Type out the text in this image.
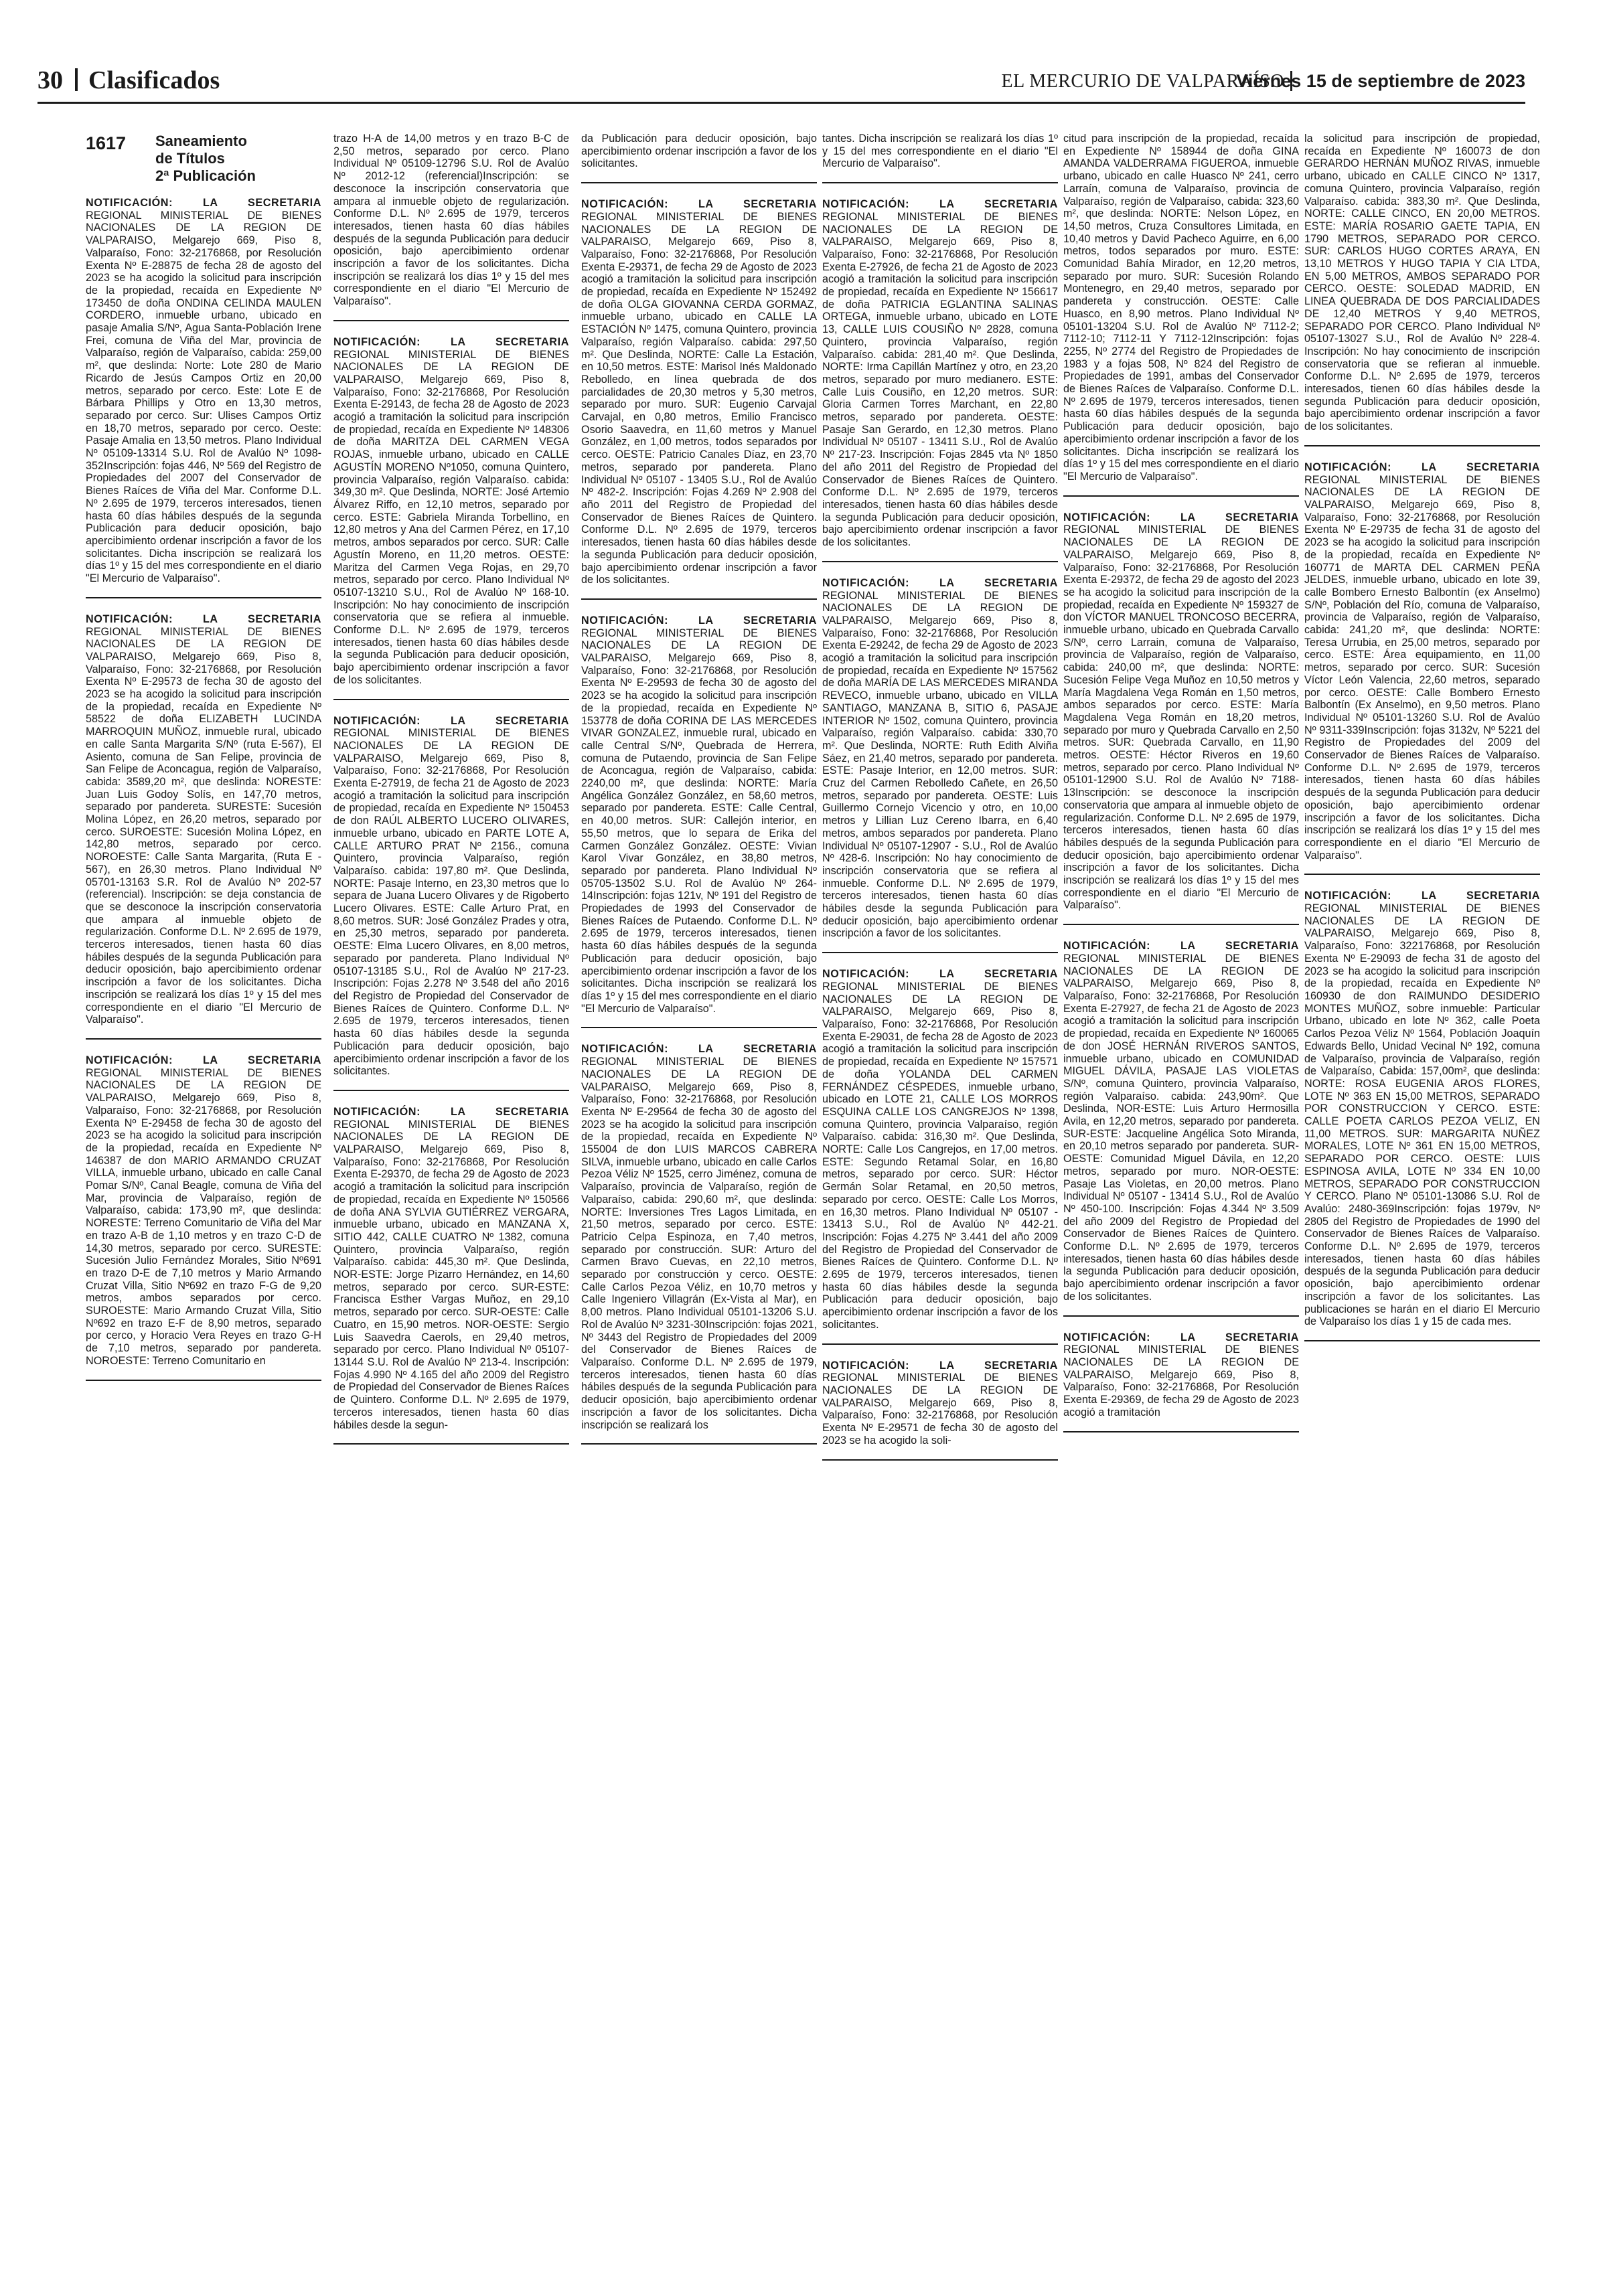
30 Clasificados	EL MERCURIO DE VALPARAÍSO
Viernes 15 de septiembre de 2023
1617	Saneamiento
de Títulos
2ª Publicación
NOTIFICACIÓN: LA SECRETARIA REGIONAL MINISTERIAL DE BIENES NACIONALES DE LA REGION DE VALPARAISO, Melgarejo 669, Piso 8, Valparaíso, Fono: 32-2176868, por Resolución Exenta Nº E-28875 de fecha 28 de agosto del 2023 se ha acogido la solicitud para inscripción de la propiedad, recaída en Expediente Nº 173450 de doña ONDINA CELINDA MAULEN CORDERO, inmueble urbano, ubicado en pasaje Amalia S/Nº, Agua Santa-Población Irene Frei, comuna de Viña del Mar, provincia de Valparaíso, región de Valparaíso, cabida: 259,00 m², que deslinda: Norte: Lote 280 de Mario Ricardo de Jesús Campos Ortiz en 20,00 metros, separado por cerco. Este: Lote E de Bárbara Phillips y Otro en 13,30 metros, separado por cerco. Sur: Ulises Campos Ortiz en 18,70 metros, separado por cerco. Oeste: Pasaje Amalia en 13,50 metros. Plano Individual Nº 05109-13314 S.U. Rol de Avalúo Nº 1098-352Inscripción: fojas 446, Nº 569 del Registro de Propiedades del 2007 del Conservador de Bienes Raíces de Viña del Mar. Conforme D.L. Nº 2.695 de 1979, terceros interesados, tienen hasta 60 días hábiles después de la segunda Publicación para deducir oposición, bajo apercibimiento ordenar inscripción a favor de los solicitantes. Dicha inscripción se realizará los días 1º y 15 del mes correspondiente en el diario "El Mercurio de Valparaíso".
NOTIFICACIÓN: LA SECRETARIA REGIONAL MINISTERIAL DE BIENES NACIONALES DE LA REGION DE VALPARAISO, Melgarejo 669, Piso 8, Valparaíso, Fono: 32-2176868, por Resolución Exenta Nº E-29573 de fecha 30 de agosto del 2023 se ha acogido la solicitud para inscripción de la propiedad, recaída en Expediente Nº 58522 de doña ELIZABETH LUCINDA MARROQUIN MUÑOZ, inmueble rural, ubicado en calle Santa Margarita S/Nº (ruta E-567), El Asiento, comuna de San Felipe, provincia de San Felipe de Aconcagua, región de Valparaíso, cabida: 3589,20 m², que deslinda: NORESTE: Juan Luis Godoy Solís, en 147,70 metros, separado por pandereta. SURESTE: Sucesión Molina López, en 26,20 metros, separado por cerco. SUROESTE: Sucesión Molina López, en 142,80 metros, separado por cerco. NOROESTE: Calle Santa Margarita, (Ruta E - 567), en 26,30 metros. Plano Individual Nº 05701-13163 S.R. Rol de Avalúo Nº 202-57 (referencial). Inscripción: se deja constancia de que se desconoce la inscripción conservatoria que ampara al inmueble objeto de regularización. Conforme D.L. Nº 2.695 de 1979, terceros interesados, tienen hasta 60 días hábiles después de la segunda Publicación para deducir oposición, bajo apercibimiento ordenar inscripción a favor de los solicitantes. Dicha inscripción se realizará los días 1º y 15 del mes correspondiente en el diario "El Mercurio de Valparaíso".
NOTIFICACIÓN: LA SECRETARIA REGIONAL MINISTERIAL DE BIENES NACIONALES DE LA REGION DE VALPARAISO, Melgarejo 669, Piso 8, Valparaíso, Fono: 32-2176868, por Resolución Exenta Nº E-29458 de fecha 30 de agosto del 2023 se ha acogido la solicitud para inscripción de la propiedad, recaída en Expediente Nº 146387 de don MARIO ARMANDO CRUZAT VILLA, inmueble urbano, ubicado en calle Canal Pomar S/Nº, Canal Beagle, comuna de Viña del Mar, provincia de Valparaíso, región de Valparaíso, cabida: 173,90 m², que deslinda: NORESTE: Terreno Comunitario de Viña del Mar en trazo A-B de 1,10 metros y en trazo C-D de 14,30 metros, separado por cerco. SURESTE: Sucesión Julio Fernández Morales, Sitio Nº691 en trazo D-E de 7,10 metros y Mario Armando Cruzat Villa, Sitio Nº692 en trazo F-G de 9,20 metros, ambos separados por cerco. SUROESTE: Mario Armando Cruzat Villa, Sitio Nº692 en trazo E-F de 8,90 metros, separado por cerco, y Horacio Vera Reyes en trazo G-H de 7,10 metros, separado por pandereta. NOROESTE: Terreno Comunitario en
trazo H-A de 14,00 metros y en trazo B-C de 2,50 metros, separado por cerco. Plano Individual Nº 05109-12796 S.U. Rol de Avalúo Nº 2012-12 (referencial)Inscripción: se desconoce la inscripción conservatoria que ampara al inmueble objeto de regularización. Conforme D.L. Nº 2.695 de 1979, terceros interesados, tienen hasta 60 días hábiles después de la segunda Publicación para deducir oposición, bajo apercibimiento ordenar inscripción a favor de los solicitantes. Dicha inscripción se realizará los días 1º y 15 del mes correspondiente en el diario "El Mercurio de Valparaíso".
NOTIFICACIÓN: LA SECRETARIA REGIONAL MINISTERIAL DE BIENES NACIONALES DE LA REGION DE VALPARAISO, Melgarejo 669, Piso 8, Valparaíso, Fono: 32-2176868, Por Resolución Exenta E-29143, de fecha 28 de Agosto de 2023 acogió a tramitación la solicitud para inscripción de propiedad, recaída en Expediente Nº 148306 de doña MARITZA DEL CARMEN VEGA ROJAS, inmueble urbano, ubicado en CALLE AGUSTÍN MORENO Nº1050, comuna Quintero, provincia Valparaíso, región Valparaíso. cabida: 349,30 m². Que Deslinda, NORTE: José Artemio Álvarez Riffo, en 12,10 metros, separado por cerco. ESTE: Gabriela Miranda Torbellino, en 12,80 metros y Ana del Carmen Pérez, en 17,10 metros, ambos separados por cerco. SUR: Calle Agustín Moreno, en 11,20 metros. OESTE: Maritza del Carmen Vega Rojas, en 29,70 metros, separado por cerco. Plano Individual Nº 05107-13210 S.U., Rol de Avalúo Nº 168-10. Inscripción: No hay conocimiento de inscripción conservatoria que se refiera al inmueble. Conforme D.L. Nº 2.695 de 1979, terceros interesados, tienen hasta 60 días hábiles desde la segunda Publicación para deducir oposición, bajo apercibimiento ordenar inscripción a favor de los solicitantes.
NOTIFICACIÓN: LA SECRETARIA REGIONAL MINISTERIAL DE BIENES NACIONALES DE LA REGION DE VALPARAISO, Melgarejo 669, Piso 8, Valparaíso, Fono: 32-2176868, Por Resolución Exenta E-27919, de fecha 21 de Agosto de 2023 acogió a tramitación la solicitud para inscripción de propiedad, recaída en Expediente Nº 150453 de don RAÚL ALBERTO LUCERO OLIVARES, inmueble urbano, ubicado en PARTE LOTE A, CALLE ARTURO PRAT Nº 2156., comuna Quintero, provincia Valparaíso, región Valparaíso. cabida: 197,80 m². Que Deslinda, NORTE: Pasaje Interno, en 23,30 metros que lo separa de Juana Lucero Olivares y de Rigoberto Lucero Olivares. ESTE: Calle Arturo Prat, en 8,60 metros. SUR: José González Prades y otra, en 25,30 metros, separado por pandereta. OESTE: Elma Lucero Olivares, en 8,00 metros, separado por pandereta. Plano Individual Nº 05107-13185 S.U., Rol de Avalúo Nº 217-23. Inscripción: Fojas 2.278 Nº 3.548 del año 2016 del Registro de Propiedad del Conservador de Bienes Raíces de Quintero. Conforme D.L. Nº 2.695 de 1979, terceros interesados, tienen hasta 60 días hábiles desde la segunda Publicación para deducir oposición, bajo apercibimiento ordenar inscripción a favor de los solicitantes.
NOTIFICACIÓN: LA SECRETARIA REGIONAL MINISTERIAL DE BIENES NACIONALES DE LA REGION DE VALPARAISO, Melgarejo 669, Piso 8, Valparaíso, Fono: 32-2176868, Por Resolución Exenta E-29370, de fecha 29 de Agosto de 2023 acogió a tramitación la solicitud para inscripción de propiedad, recaída en Expediente Nº 150566 de doña ANA SYLVIA GUTIÉRREZ VERGARA, inmueble urbano, ubicado en MANZANA X, SITIO 442, CALLE CUATRO Nº 1382, comuna Quintero, provincia Valparaíso, región Valparaíso. cabida: 445,30 m². Que Deslinda, NOR-ESTE: Jorge Pizarro Hernández, en 14,60 metros, separado por cerco. SUR-ESTE: Francisca Esther Vargas Muñoz, en 29,10 metros, separado por cerco. SUR-OESTE: Calle Cuatro, en 15,90 metros. NOR-OESTE: Sergio Luis Saavedra Caerols, en 29,40 metros, separado por cerco. Plano Individual Nº 05107-13144 S.U. Rol de Avalúo Nº 213-4. Inscripción: Fojas 4.990 Nº 4.165 del año 2009 del Registro de Propiedad del Conservador de Bienes Raíces de Quintero. Conforme D.L. Nº 2.695 de 1979, terceros interesados, tienen hasta 60 días hábiles desde la segun-
da Publicación para deducir oposición, bajo apercibimiento ordenar inscripción a favor de los solicitantes.
NOTIFICACIÓN: LA SECRETARIA REGIONAL MINISTERIAL DE BIENES NACIONALES DE LA REGION DE VALPARAISO, Melgarejo 669, Piso 8, Valparaíso, Fono: 32-2176868, Por Resolución Exenta E-29371, de fecha 29 de Agosto de 2023 acogió a tramitación la solicitud para inscripción de propiedad, recaída en Expediente Nº 152492 de doña OLGA GIOVANNA CERDA GORMAZ, inmueble urbano, ubicado en CALLE LA ESTACIÓN Nº 1475, comuna Quintero, provincia Valparaíso, región Valparaíso. cabida: 297,50 m². Que Deslinda, NORTE: Calle La Estación, en 10,50 metros. ESTE: Marisol Inés Maldonado Rebolledo, en línea quebrada de dos parcialidades de 20,30 metros y 5,30 metros, separado por muro. SUR: Eugenio Carvajal Carvajal, en 0,80 metros, Emilio Francisco Osorio Saavedra, en 11,60 metros y Manuel González, en 1,00 metros, todos separados por cerco. OESTE: Patricio Canales Díaz, en 23,70 metros, separado por pandereta. Plano Individual Nº 05107 - 13405 S.U., Rol de Avalúo Nº 482-2. Inscripción: Fojas 4.269 Nº 2.908 del año 2011 del Registro de Propiedad del Conservador de Bienes Raíces de Quintero. Conforme D.L. Nº 2.695 de 1979, terceros interesados, tienen hasta 60 días hábiles desde la segunda Publicación para deducir oposición, bajo apercibimiento ordenar inscripción a favor de los solicitantes.
NOTIFICACIÓN: LA SECRETARIA REGIONAL MINISTERIAL DE BIENES NACIONALES DE LA REGION DE VALPARAISO, Melgarejo 669, Piso 8, Valparaíso, Fono: 32-2176868, por Resolución Exenta Nº E-29593 de fecha 30 de agosto del 2023 se ha acogido la solicitud para inscripción de la propiedad, recaída en Expediente Nº 153778 de doña CORINA DE LAS MERCEDES VIVAR GONZALEZ, inmueble rural, ubicado en calle Central S/Nº, Quebrada de Herrera, comuna de Putaendo, provincia de San Felipe de Aconcagua, región de Valparaíso, cabida: 2240,00 m², que deslinda: NORTE: María Angélica González González, en 58,60 metros, separado por pandereta. ESTE: Calle Central, en 40,00 metros. SUR: Callejón interior, en 55,50 metros, que lo separa de Erika del Carmen González González. OESTE: Vivian Karol Vivar González, en 38,80 metros, separado por pandereta. Plano Individual Nº 05705-13502 S.U. Rol de Avalúo Nº 264-14Inscripción: fojas 121v, Nº 191 del Registro de Propiedades de 1993 del Conservador de Bienes Raíces de Putaendo. Conforme D.L. Nº 2.695 de 1979, terceros interesados, tienen hasta 60 días hábiles después de la segunda Publicación para deducir oposición, bajo apercibimiento ordenar inscripción a favor de los solicitantes. Dicha inscripción se realizará los días 1º y 15 del mes correspondiente en el diario "El Mercurio de Valparaíso".
NOTIFICACIÓN: LA SECRETARIA REGIONAL MINISTERIAL DE BIENES NACIONALES DE LA REGION DE VALPARAISO, Melgarejo 669, Piso 8, Valparaíso, Fono: 32-2176868, por Resolución Exenta Nº E-29564 de fecha 30 de agosto del 2023 se ha acogido la solicitud para inscripción de la propiedad, recaída en Expediente Nº 155004 de don LUIS MARCOS CABRERA SILVA, inmueble urbano, ubicado en calle Carlos Pezoa Véliz Nº 1525, cerro Jiménez, comuna de Valparaíso, provincia de Valparaíso, región de Valparaíso, cabida: 290,60 m², que deslinda: NORTE: Inversiones Tres Lagos Limitada, en 21,50 metros, separado por cerco. ESTE: Patricio Celpa Espinoza, en 7,40 metros, separado por construcción. SUR: Arturo del Carmen Bravo Cuevas, en 22,10 metros, separado por construcción y cerco. OESTE: Calle Carlos Pezoa Véliz, en 10,70 metros y Calle Ingeniero Villagrán (Ex-Vista al Mar), en 8,00 metros. Plano Individual 05101-13206 S.U. Rol de Avalúo Nº 3231-30Inscripción: fojas 2021, Nº 3443 del Registro de Propiedades del 2009 del Conservador de Bienes Raíces de Valparaíso. Conforme D.L. Nº 2.695 de 1979, terceros interesados, tienen hasta 60 días hábiles después de la segunda Publicación para deducir oposición, bajo apercibimiento ordenar inscripción a favor de los solicitantes. Dicha inscripción se realizará los
tantes. Dicha inscripción se realizará los días 1º y 15 del mes correspondiente en el diario "El Mercurio de Valparaíso".
NOTIFICACIÓN: LA SECRETARIA REGIONAL MINISTERIAL DE BIENES NACIONALES DE LA REGION DE VALPARAISO, Melgarejo 669, Piso 8, Valparaíso, Fono: 32-2176868, Por Resolución Exenta E-27926, de fecha 21 de Agosto de 2023 acogió a tramitación la solicitud para inscripción de propiedad, recaída en Expediente Nº 156617 de doña PATRICIA EGLANTINA SALINAS ORTEGA, inmueble urbano, ubicado en LOTE 13, CALLE LUIS COUSIÑO Nº 2828, comuna Quintero, provincia Valparaíso, región Valparaíso. cabida: 281,40 m². Que Deslinda, NORTE: Irma Capillán Martínez y otro, en 23,20 metros, separado por muro medianero. ESTE: Calle Luis Cousiño, en 12,20 metros. SUR: Gloria Carmen Torres Marchant, en 22,80 metros, separado por pandereta. OESTE: Pasaje San Gerardo, en 12,30 metros. Plano Individual Nº 05107 - 13411 S.U., Rol de Avalúo Nº 217-23. Inscripción: Fojas 2845 vta Nº 1850 del año 2011 del Registro de Propiedad del Conservador de Bienes Raíces de Quintero. Conforme D.L. Nº 2.695 de 1979, terceros interesados, tienen hasta 60 días hábiles desde la segunda Publicación para deducir oposición, bajo apercibimiento ordenar inscripción a favor de los solicitantes.
NOTIFICACIÓN: LA SECRETARIA REGIONAL MINISTERIAL DE BIENES NACIONALES DE LA REGION DE VALPARAISO, Melgarejo 669, Piso 8, Valparaíso, Fono: 32-2176868, Por Resolución Exenta E-29242, de fecha 29 de Agosto de 2023 acogió a tramitación la solicitud para inscripción de propiedad, recaída en Expediente Nº 157562 de doña MARÍA DE LAS MERCEDES MIRANDA REVECO, inmueble urbano, ubicado en VILLA SANTIAGO, MANZANA B, SITIO 6, PASAJE INTERIOR Nº 1502, comuna Quintero, provincia Valparaíso, región Valparaíso. cabida: 330,70 m². Que Deslinda, NORTE: Ruth Edith Alviña Sáez, en 21,40 metros, separado por pandereta. ESTE: Pasaje Interior, en 12,00 metros. SUR: Cruz del Carmen Rebolledo Cañete, en 26,50 metros, separado por pandereta. OESTE: Luis Guillermo Cornejo Vicencio y otro, en 10,00 metros y Lillian Luz Cereno Ibarra, en 6,40 metros, ambos separados por pandereta. Plano Individual Nº 05107-12907 - S.U., Rol de Avalúo Nº 428-6. Inscripción: No hay conocimiento de inscripción conservatoria que se refiera al inmueble. Conforme D.L. Nº 2.695 de 1979, terceros interesados, tienen hasta 60 días hábiles desde la segunda Publicación para deducir oposición, bajo apercibimiento ordenar inscripción a favor de los solicitantes.
NOTIFICACIÓN: LA SECRETARIA REGIONAL MINISTERIAL DE BIENES NACIONALES DE LA REGION DE VALPARAISO, Melgarejo 669, Piso 8, Valparaíso, Fono: 32-2176868, Por Resolución Exenta E-29031, de fecha 28 de Agosto de 2023 acogió a tramitación la solicitud para inscripción de propiedad, recaída en Expediente Nº 157571 de doña YOLANDA DEL CARMEN FERNÁNDEZ CÉSPEDES, inmueble urbano, ubicado en LOTE 21, CALLE LOS MORROS ESQUINA CALLE LOS CANGREJOS Nº 1398, comuna Quintero, provincia Valparaíso, región Valparaíso. cabida: 316,30 m². Que Deslinda, NORTE: Calle Los Cangrejos, en 17,00 metros. ESTE: Segundo Retamal Solar, en 16,80 metros, separado por cerco. SUR: Héctor Germán Solar Retamal, en 20,50 metros, separado por cerco. OESTE: Calle Los Morros, en 16,30 metros. Plano Individual Nº 05107 - 13413 S.U., Rol de Avalúo Nº 442-21. Inscripción: Fojas 4.275 Nº 3.441 del año 2009 del Registro de Propiedad del Conservador de Bienes Raíces de Quintero. Conforme D.L. Nº 2.695 de 1979, terceros interesados, tienen hasta 60 días hábiles desde la segunda Publicación para deducir oposición, bajo apercibimiento ordenar inscripción a favor de los solicitantes.
NOTIFICACIÓN: LA SECRETARIA REGIONAL MINISTERIAL DE BIENES NACIONALES DE LA REGION DE VALPARAISO, Melgarejo 669, Piso 8, Valparaíso, Fono: 32-2176868, por Resolución Exenta Nº E-29571 de fecha 30 de agosto del 2023 se ha acogido la soli-
citud para inscripción de la propiedad, recaída en Expediente Nº 158944 de doña GINA AMANDA VALDERRAMA FIGUEROA, inmueble urbano, ubicado en calle Huasco Nº 241, cerro Larraín, comuna de Valparaíso, provincia de Valparaíso, región de Valparaíso, cabida: 323,60 m², que deslinda: NORTE: Nelson López, en 14,50 metros, Cruza Consultores Limitada, en 10,40 metros y David Pacheco Aguirre, en 6,00 metros, todos separados por muro. ESTE: Comunidad Bahía Mirador, en 12,20 metros, separado por muro. SUR: Sucesión Rolando Montenegro, en 29,40 metros, separado por pandereta y construcción. OESTE: Calle Huasco, en 8,90 metros. Plano Individual Nº 05101-13204 S.U. Rol de Avalúo Nº 7112-2; 7112-10; 7112-11 Y 7112-12Inscripción: fojas 2255, Nº 2774 del Registro de Propiedades de 1983 y a fojas 508, Nº 824 del Registro de Propiedades de 1991, ambas del Conservador de Bienes Raíces de Valparaíso. Conforme D.L. Nº 2.695 de 1979, terceros interesados, tienen hasta 60 días hábiles después de la segunda Publicación para deducir oposición, bajo apercibimiento ordenar inscripción a favor de los solicitantes. Dicha inscripción se realizará los días 1º y 15 del mes correspondiente en el diario "El Mercurio de Valparaíso".
NOTIFICACIÓN: LA SECRETARIA REGIONAL MINISTERIAL DE BIENES NACIONALES DE LA REGION DE VALPARAISO, Melgarejo 669, Piso 8, Valparaíso, Fono: 32-2176868, Por Resolución Exenta E-29372, de fecha 29 de agosto del 2023 se ha acogido la solicitud para inscripción de la propiedad, recaída en Expediente Nº 159327 de don VÍCTOR MANUEL TRONCOSO BECERRA, inmueble urbano, ubicado en Quebrada Carvallo S/Nº, cerro Larrain, comuna de Valparaíso, provincia de Valparaíso, región de Valparaíso, cabida: 240,00 m², que deslinda: NORTE: Sucesión Felipe Vega Muñoz en 10,50 metros y María Magdalena Vega Román en 1,50 metros, ambos separados por cerco. ESTE: María Magdalena Vega Román en 18,20 metros, separado por muro y Quebrada Carvallo en 2,50 metros. SUR: Quebrada Carvallo, en 11,90 metros. OESTE: Héctor Riveros en 19,60 metros, separado por cerco. Plano Individual Nº 05101-12900 S.U. Rol de Avalúo Nº 7188-13Inscripción: se desconoce la inscripción conservatoria que ampara al inmueble objeto de regularización. Conforme D.L. Nº 2.695 de 1979, terceros interesados, tienen hasta 60 días hábiles después de la segunda Publicación para deducir oposición, bajo apercibimiento ordenar inscripción a favor de los solicitantes. Dicha inscripción se realizará los días 1º y 15 del mes correspondiente en el diario "El Mercurio de Valparaíso".
NOTIFICACIÓN: LA SECRETARIA REGIONAL MINISTERIAL DE BIENES NACIONALES DE LA REGION DE VALPARAISO, Melgarejo 669, Piso 8, Valparaíso, Fono: 32-2176868, Por Resolución Exenta E-27927, de fecha 21 de Agosto de 2023 acogió a tramitación la solicitud para inscripción de propiedad, recaída en Expediente Nº 160065 de don JOSÉ HERNÁN RIVEROS SANTOS, inmueble urbano, ubicado en COMUNIDAD MIGUEL DÁVILA, PASAJE LAS VIOLETAS S/Nº, comuna Quintero, provincia Valparaíso, región Valparaíso. cabida: 243,90m². Que Deslinda, NOR-ESTE: Luis Arturo Hermosilla Avila, en 12,20 metros, separado por pandereta. SUR-ESTE: Jacqueline Angélica Soto Miranda, en 20,10 metros separado por pandereta. SUR-OESTE: Comunidad Miguel Dávila, en 12,20 metros, separado por muro. NOR-OESTE: Pasaje Las Violetas, en 20,00 metros. Plano Individual Nº 05107 - 13414 S.U., Rol de Avalúo Nº 450-100. Inscripción: Fojas 4.344 Nº 3.509 del año 2009 del Registro de Propiedad del Conservador de Bienes Raíces de Quintero. Conforme D.L. Nº 2.695 de 1979, terceros interesados, tienen hasta 60 días hábiles desde la segunda Publicación para deducir oposición, bajo apercibimiento ordenar inscripción a favor de los solicitantes.
NOTIFICACIÓN: LA SECRETARIA REGIONAL MINISTERIAL DE BIENES NACIONALES DE LA REGION DE VALPARAISO, Melgarejo 669, Piso 8, Valparaíso, Fono: 32-2176868, Por Resolución Exenta E-29369, de fecha 29 de Agosto de 2023 acogió a tramitación
la solicitud para inscripción de propiedad, recaída en Expediente Nº 160073 de don GERARDO HERNÁN MUÑOZ RIVAS, inmueble urbano, ubicado en CALLE CINCO Nº 1317, comuna Quintero, provincia Valparaíso, región Valparaíso. cabida: 383,30 m². Que Deslinda, NORTE: CALLE CINCO, EN 20,00 METROS. ESTE: MARÍA ROSARIO GAETE TAPIA, EN 1790 METROS, SEPARADO POR CERCO. SUR: CARLOS HUGO CORTES ARAYA, EN 13,10 METROS Y HUGO TAPIA Y CIA LTDA, EN 5,00 METROS, AMBOS SEPARADO POR CERCO. OESTE: SOLEDAD MADRID, EN LINEA QUEBRADA DE DOS PARCIALIDADES DE 12,40 METROS Y 9,40 METROS, SEPARADO POR CERCO. Plano Individual Nº 05107-13027 S.U., Rol de Avalúo Nº 228-4. Inscripción: No hay conocimiento de inscripción conservatoria que se refieran al inmueble. Conforme D.L. Nº 2.695 de 1979, terceros interesados, tienen 60 días hábiles desde la segunda Publicación para deducir oposición, bajo apercibimiento ordenar inscripción a favor de los solicitantes.
NOTIFICACIÓN: LA SECRETARIA REGIONAL MINISTERIAL DE BIENES NACIONALES DE LA REGION DE VALPARAISO, Melgarejo 669, Piso 8, Valparaíso, Fono: 32-2176868, por Resolución Exenta Nº E-29735 de fecha 31 de agosto del 2023 se ha acogido la solicitud para inscripción de la propiedad, recaída en Expediente Nº 160771 de MARTA DEL CARMEN PEÑA JELDES, inmueble urbano, ubicado en lote 39, calle Bombero Ernesto Balbontín (ex Anselmo) S/Nº, Población del Río, comuna de Valparaíso, provincia de Valparaíso, región de Valparaíso, cabida: 241,20 m², que deslinda: NORTE: Teresa Urrubia, en 25,00 metros, separado por cerco. ESTE: Área equipamiento, en 11,00 metros, separado por cerco. SUR: Sucesión Víctor León Valencia, 22,60 metros, separado por cerco. OESTE: Calle Bombero Ernesto Balbontín (Ex Anselmo), en 9,50 metros. Plano Individual Nº 05101-13260 S.U. Rol de Avalúo Nº 9311-339Inscripción: fojas 3132v, Nº 5221 del Registro de Propiedades del 2009 del Conservador de Bienes Raíces de Valparaíso. Conforme D.L. Nº 2.695 de 1979, terceros interesados, tienen hasta 60 días hábiles después de la segunda Publicación para deducir oposición, bajo apercibimiento ordenar inscripción a favor de los solicitantes. Dicha inscripción se realizará los días 1º y 15 del mes correspondiente en el diario "El Mercurio de Valparaíso".
NOTIFICACIÓN: LA SECRETARIA REGIONAL MINISTERIAL DE BIENES NACIONALES DE LA REGION DE VALPARAISO, Melgarejo 669, Piso 8, Valparaíso, Fono: 322176868, por Resolución Exenta Nº E-29093 de fecha 31 de agosto del 2023 se ha acogido la solicitud para inscripción de la propiedad, recaída en Expediente Nº 160930 de don RAIMUNDO DESIDERIO MONTES MUÑOZ, sobre inmueble: Particular Urbano, ubicado en lote Nº 362, calle Poeta Carlos Pezoa Véliz Nº 1564, Población Joaquín Edwards Bello, Unidad Vecinal Nº 192, comuna de Valparaíso, provincia de Valparaíso, región de Valparaíso, Cabida: 157,00m², que deslinda: NORTE: ROSA EUGENIA AROS FLORES, LOTE Nº 363 EN 15,00 METROS, SEPARADO POR CONSTRUCCION Y CERCO. ESTE: CALLE POETA CARLOS PEZOA VELIZ, EN 11,00 METROS. SUR: MARGARITA NUÑEZ MORALES, LOTE Nº 361 EN 15,00 METROS, SEPARADO POR CERCO. OESTE: LUIS ESPINOSA AVILA, LOTE Nº 334 EN 10,00 METROS, SEPARADO POR CONSTRUCCION Y CERCO. Plano Nº 05101-13086 S.U. Rol de Avalúo: 2480-369Inscripción: fojas 1979v, Nº 2805 del Registro de Propiedades de 1990 del Conservador de Bienes Raíces de Valparaíso. Conforme D.L. Nº 2.695 de 1979, terceros interesados, tienen hasta 60 días hábiles después de la segunda Publicación para deducir oposición, bajo apercibimiento ordenar inscripción a favor de los solicitantes. Las publicaciones se harán en el diario El Mercurio de Valparaíso los días 1 y 15 de cada mes.
